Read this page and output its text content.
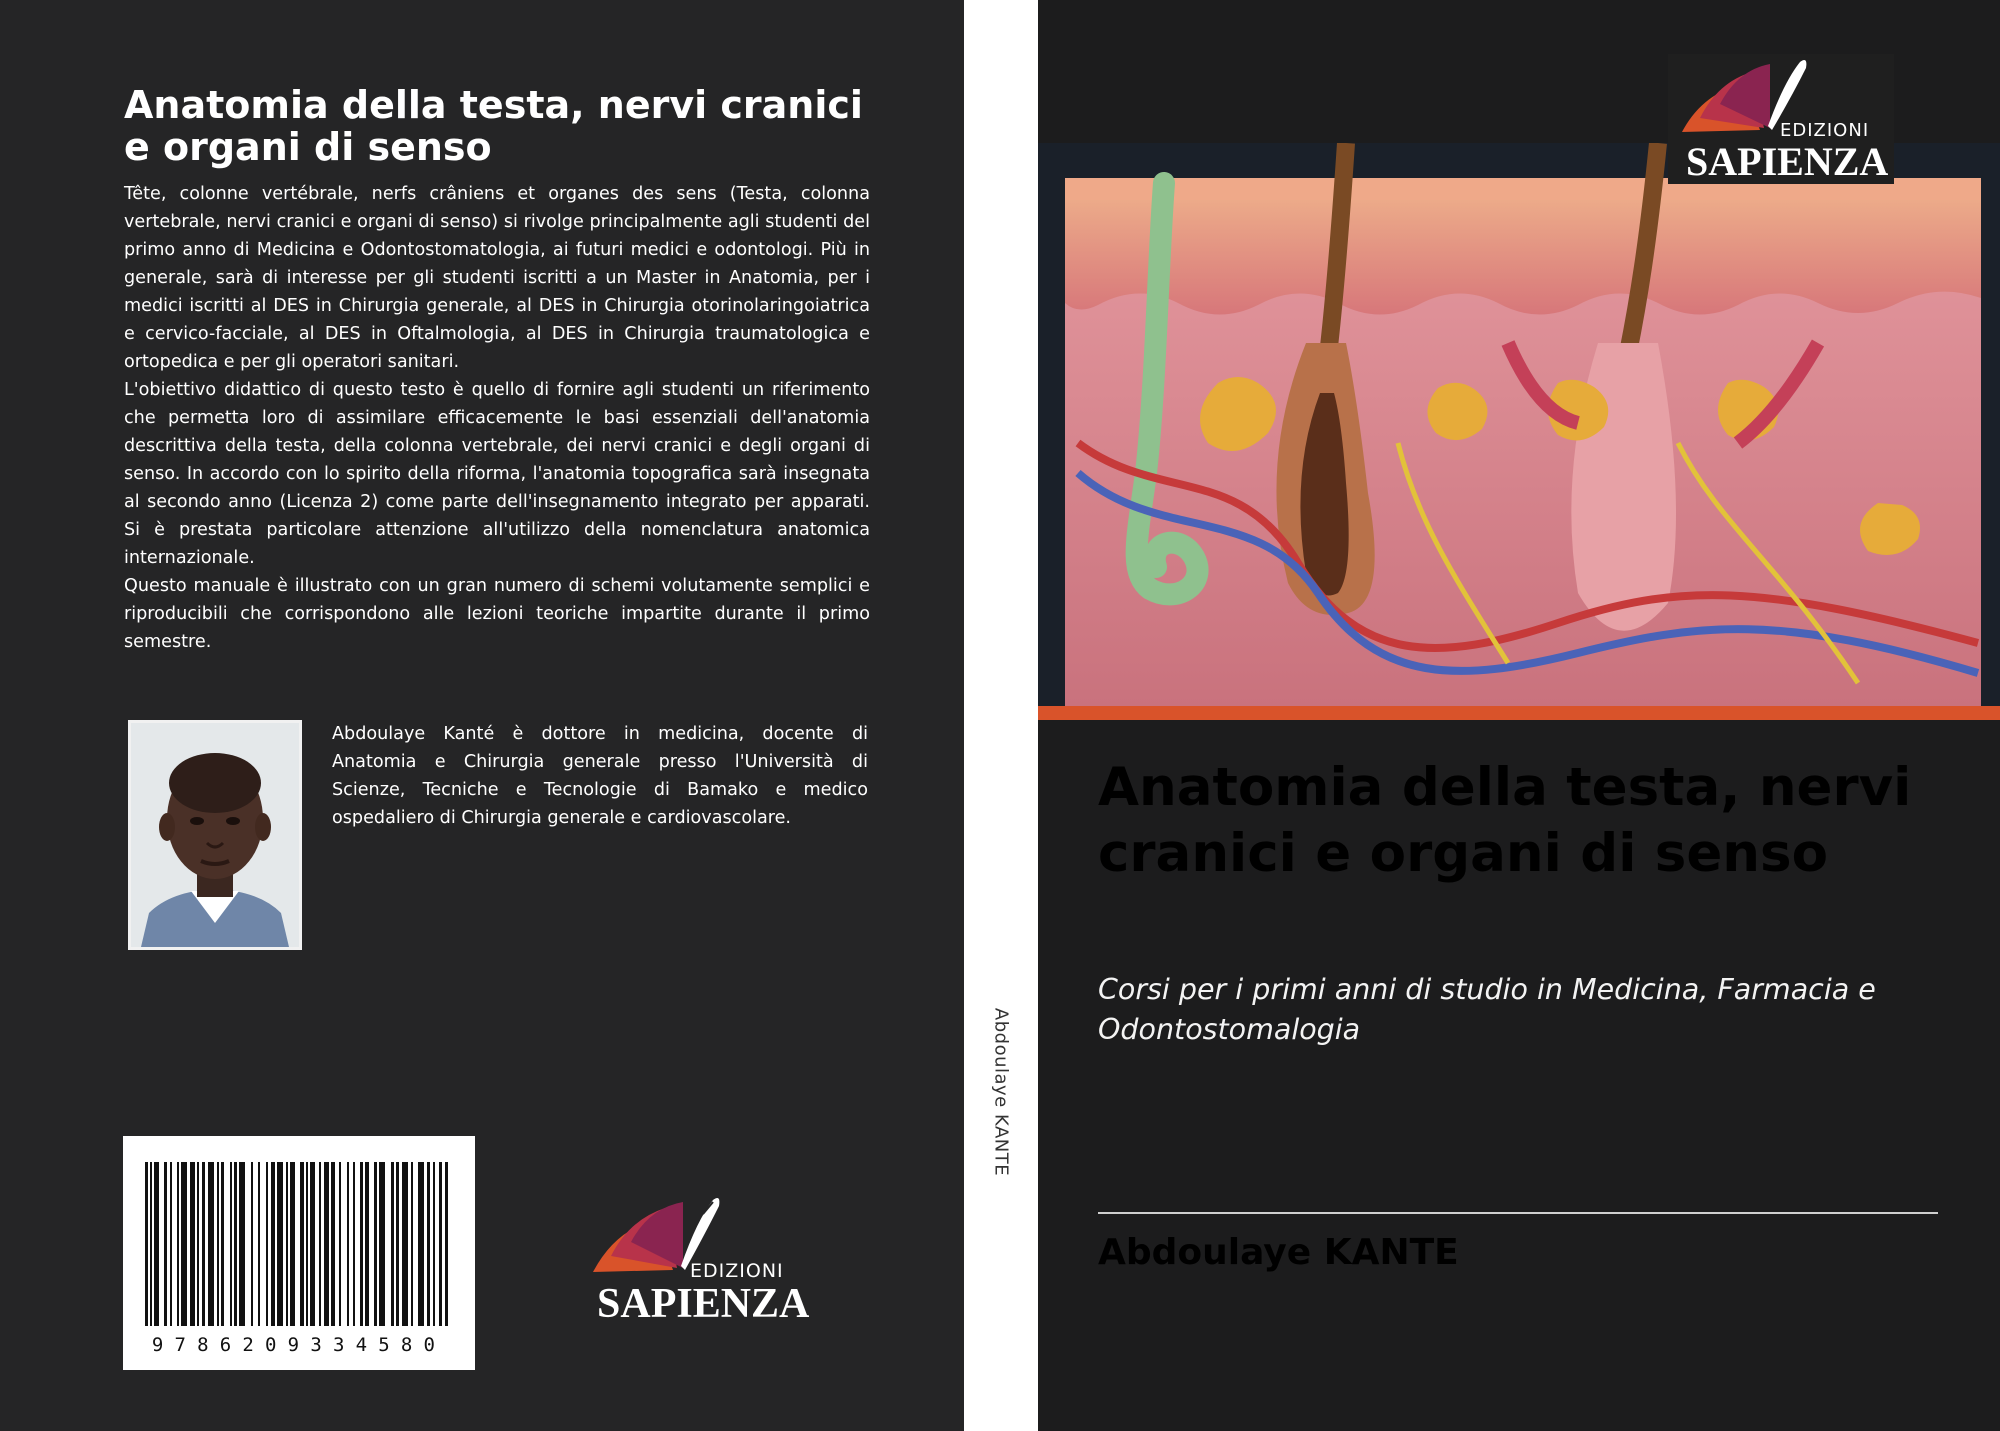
Anatomia della testa, nervi cranici e organi di senso

Tête, colonne vertébrale, nerfs crâniens et organes des sens (Testa, colonna vertebrale, nervi cranici e organi di senso) si rivolge principalmente agli studenti del primo anno di Medicina e Odontostomatologia, ai futuri medici e odontologi. Più in generale, sarà di interesse per gli studenti iscritti a un Master in Anatomia, per i medici iscritti al DES in Chirurgia generale, al DES in Chirurgia otorinolaringoiatrica e cervico-facciale, al DES in Oftalmologia, al DES in Chirurgia traumatologica e ortopedica e per gli operatori sanitari.

L'obiettivo didattico di questo testo è quello di fornire agli studenti un riferimento che permetta loro di assimilare efficacemente le basi essenziali dell'anatomia descrittiva della testa, della colonna vertebrale, dei nervi cranici e degli organi di senso. In accordo con lo spirito della riforma, l'anatomia topografica sarà insegnata al secondo anno (Licenza 2) come parte dell'insegnamento integrato per apparati. Si è prestata particolare attenzione all'utilizzo della nomenclatura anatomica internazionale.

Questo manuale è illustrato con un gran numero di schemi volutamente semplici e riproducibili che corrispondono alle lezioni teoriche impartite durante il primo semestre.

Abdoulaye Kanté è dottore in medicina, docente di Anatomia e Chirurgia generale presso l'Università di Scienze, Tecniche e Tecnologie di Bamako e medico ospedaliero di Chirurgia generale e cardiovascolare.

9786209334580
EDIZIONI
SAPIENZA
Abdoulaye KANTE
EDIZIONI
SAPIENZA
Anatomia della testa, nervi cranici e organi di senso

Corsi per i primi anni di studio in Medicina, Farmacia e Odontostomalogia

Abdoulaye KANTE
